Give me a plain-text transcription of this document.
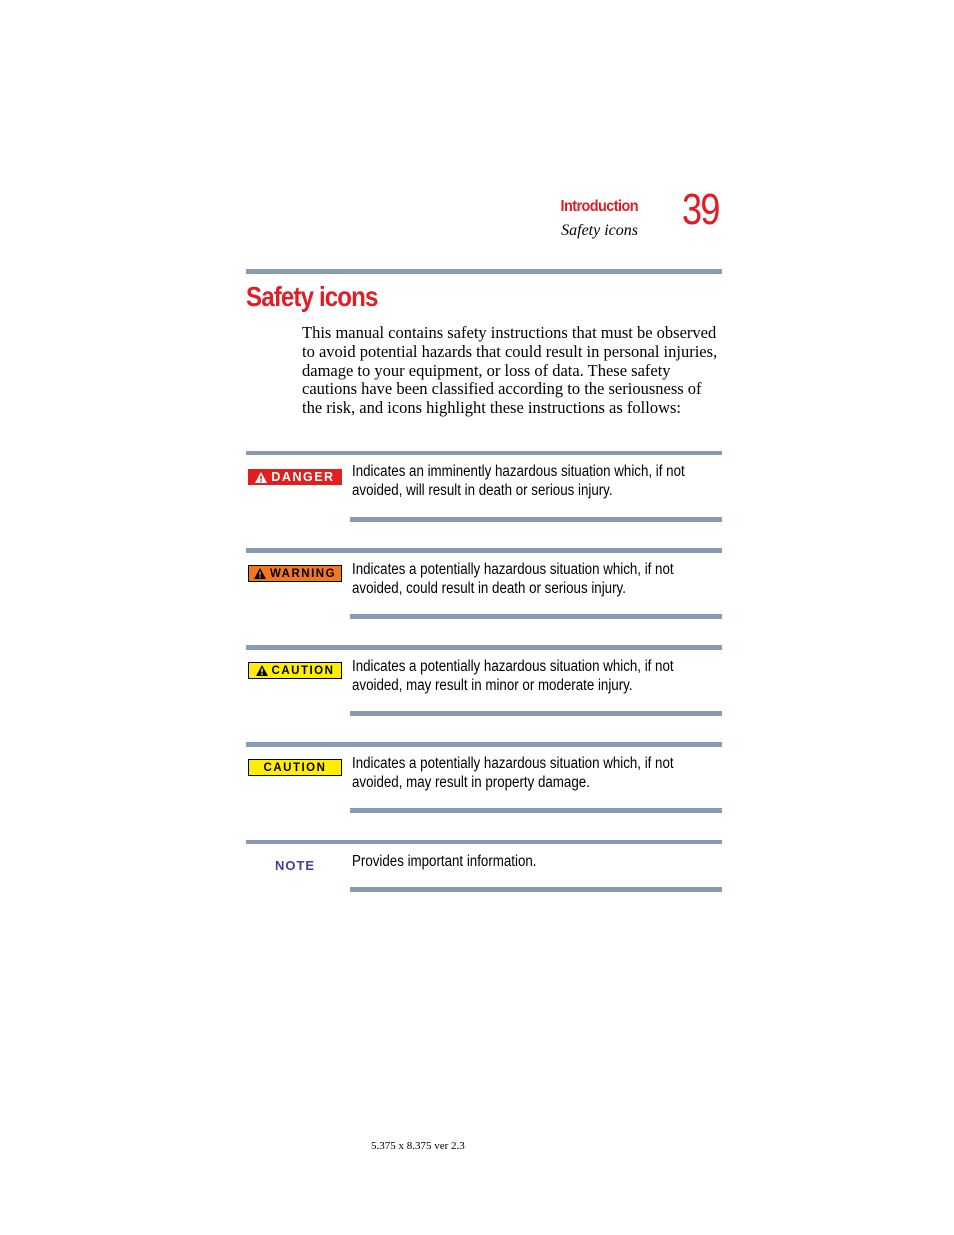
Introduction
Safety icons 39
Safety icons

This manual contains safety instructions that must be observed to avoid potential hazards that could result in personal injuries, damage to your equipment, or loss of data. These safety cautions have been classified according to the seriousness of the risk, and icons highlight these instructions as follows:

DANGER Indicates an imminently hazardous situation which, if not
avoided, will result in death or serious injury.

WARNING Indicates a potentially hazardous situation which, if not
avoided, could result in death or serious injury.

CAUTION Indicates a potentially hazardous situation which, if not
avoided, may result in minor or moderate injury.

CAUTION Indicates a potentially hazardous situation which, if not
avoided, may result in property damage.

NOTE Provides important information.

5.375 x 8.375 ver 2.3
